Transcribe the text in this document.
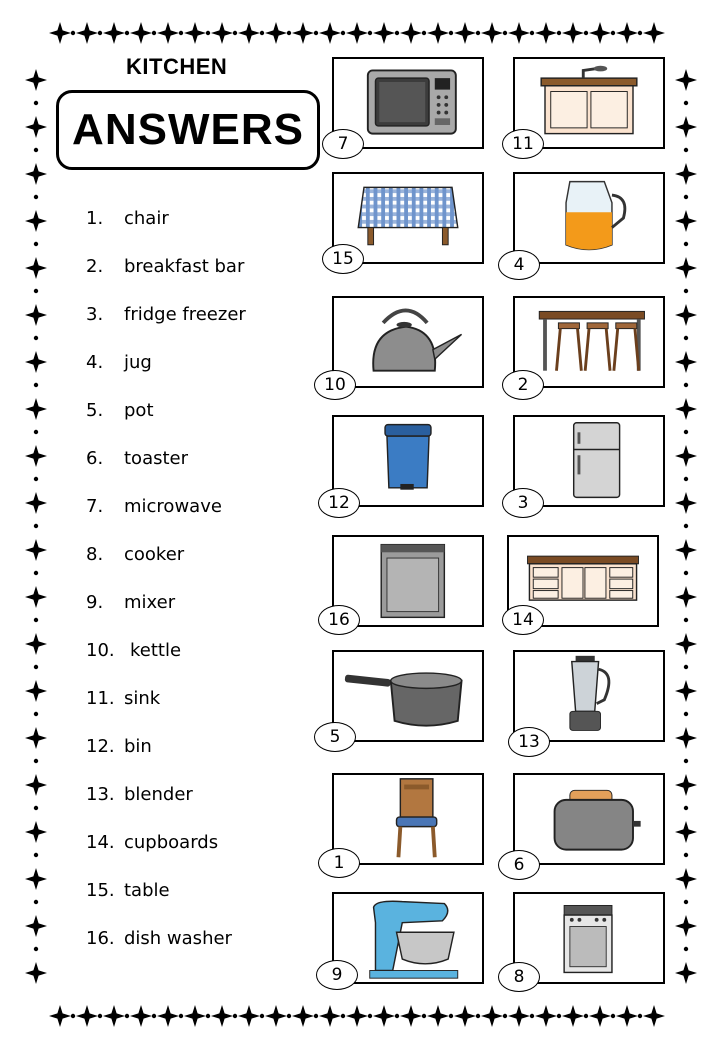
KITCHEN
ANSWERS
1. chair
2. breakfast bar
3. fridge freezer
4. jug
5. pot
6. toaster
7. microwave
8. cooker
9. mixer
10. kettle
11. sink
12. bin
13. blender
14. cupboards
15. table
16. dish washer
7	11
15	4
10	2
12	3
16	14
5	13
1	6
9	8
